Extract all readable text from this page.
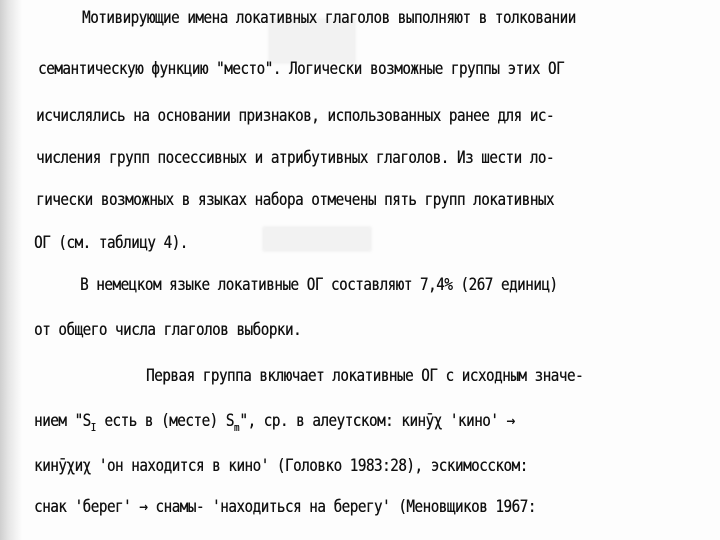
Мотивирующие имена локативных глаголов выполняют в толковании
семантическую функцию "место". Логически возможные группы этих ОГ
исчислялись на основании признаков, использованных ранее для ис-
числения групп посессивных и атрибутивных глаголов. Из шести ло-
гически возможных в языках набора отмечены пять групп локативных
ОГ (см. таблицу 4).
В немецком языке локативные ОГ составляют 7,4% (267 единиц)
от общего числа глаголов выборки.
Первая группа включает локативные ОГ с исходным значе-
нием "$S_I$ есть в (месте) $S_m$", ср. в алеутском: кинӯχ 'кино' →
кинӯχиχ 'он находится в кино' (Головко 1983:28), эскимосском:
снак 'берег' → снамы- 'находиться на берегу' (Меновщиков 1967:
